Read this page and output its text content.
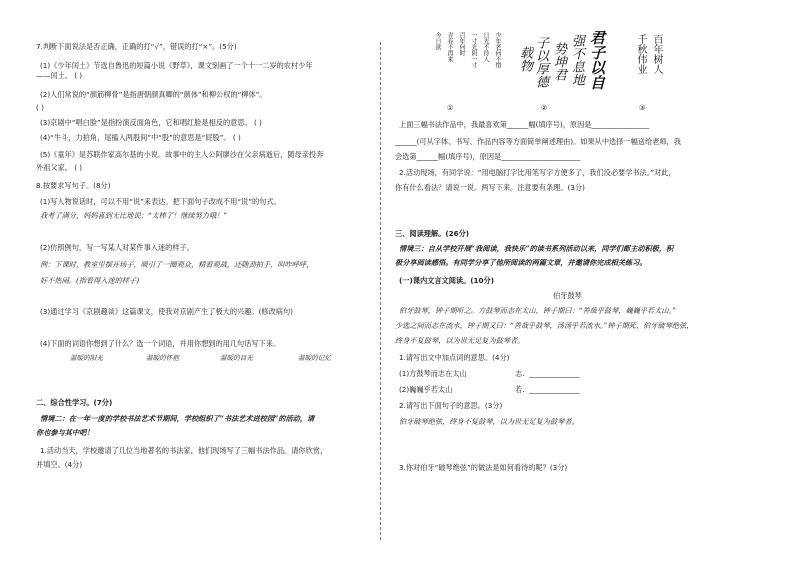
7.判断下面说法是否正确，正确的打“√”，错误的打“×”。(5分)
(1)《少年闰土》节选自鲁迅的短篇小说《野草》，课文刻画了一个十一二岁的农村少年
——闰土。 ( )
(2)人们常说的“颜筋柳骨”是指唐朝颜真卿的“颜体”和柳公权的“柳体”。
( )
(3)京剧中“唱白脸”是指扮演反面角色，它和唱红脸是相反的意思。 ( )
(4)“牛斗，力拍角，尾搐入两股间”中“股”的意思是“屁股”。 ( )
(5)《童年》是苏联作家高尔基的小说。故事中的主人公阿廖沙在父亲病逝后，随母亲投奔
外祖父家。 ( )
8.按要求写句子。(8分)
(1)写人物说话时，可以不用“说”来表达。把下面句子改成不用“说”的句式。
我考了满分，妈妈喜到无比地说：“太棒了！继续努力哦！”
(2)仿照例句，写一写某人对某件事入迷的样子。
例：下课时，教室里摆开场子，吸引了一圈观众，精看观战，还随劲拍手，叫咋呼呼，
好不热闹。(指看得入迷的样子)
(3)通过学习《京剧趣谈》这篇课文，使我对京剧产生了极大的兴趣。(修改病句)
(4)下面的词语你想到了什么？选一个词语，并用你想到的用几句话写下来。
温暖的阳光	温暖的怀抱	温暖的目光	温暖的记忆
二、综合性学习。(7分)
情境二：在一年一度的学校书法艺术节期间，学校组织了“书法艺术进校园”的活动，请
你也参与其中吧！
1.活动当天，学校邀请了几位当地著名的书法家，他们现场写了三幅书法作品。请你欣赏，
并填空。(4分)
少年老何不惜
日光不待人
一寸光阴一寸
百年何时
青春不再来
今日欲	君子以自
强不息地
势坤君
子以厚德
载物	百年树人
千秋伟业
①	②	③
上面三幅书法作品中，我最喜欢第______幅(填序号)，原因是________________
______(可从字体、书写、作品内容等方面简单阐述理由)。如果从中选择一幅送给老师，我
会选第______幅(填序号)，原因是______________________
2.活动现场，有同学说：“用电脑打字比用笔写字方便多了，我们没必要学书法。”对此，
你有什么看法？请说一说。两写下来。注意要有条理。(3分)
三、阅读理解。(26分)
情境三：自从学校开展“我阅读，我快乐”的读书系列活动以来，同学们都主动积极，积
极分享阅读感悟。有同学分享了他所阅读的两篇文章，并邀请你完成相关练习。
(一)课内文言文阅读。(10分)
伯牙鼓琴
伯牙鼓琴，钟子期听之。方鼓琴而志在太山，钟子期曰：“善哉乎鼓琴，巍巍乎若太山。”
少选之间而志在流水，钟子期又曰：“善哉乎鼓琴，汤汤乎若流水。”钟子期死，伯牙破琴绝弦，
终身不复鼓琴，以为世无足复为鼓琴者。
1.请写出文中加点词的意思。(4分)
(1)方鼓琴而志在太山	志. ______________
(2)巍巍乎若太山	若. ______________
2.请写出下面句子的意思。(3分)
伯牙破琴绝弦，终身不复鼓琴，以为世无足复为鼓琴者。
3.你对伯牙“破琴绝弦”的做法是如何看待的呢？(3分)
